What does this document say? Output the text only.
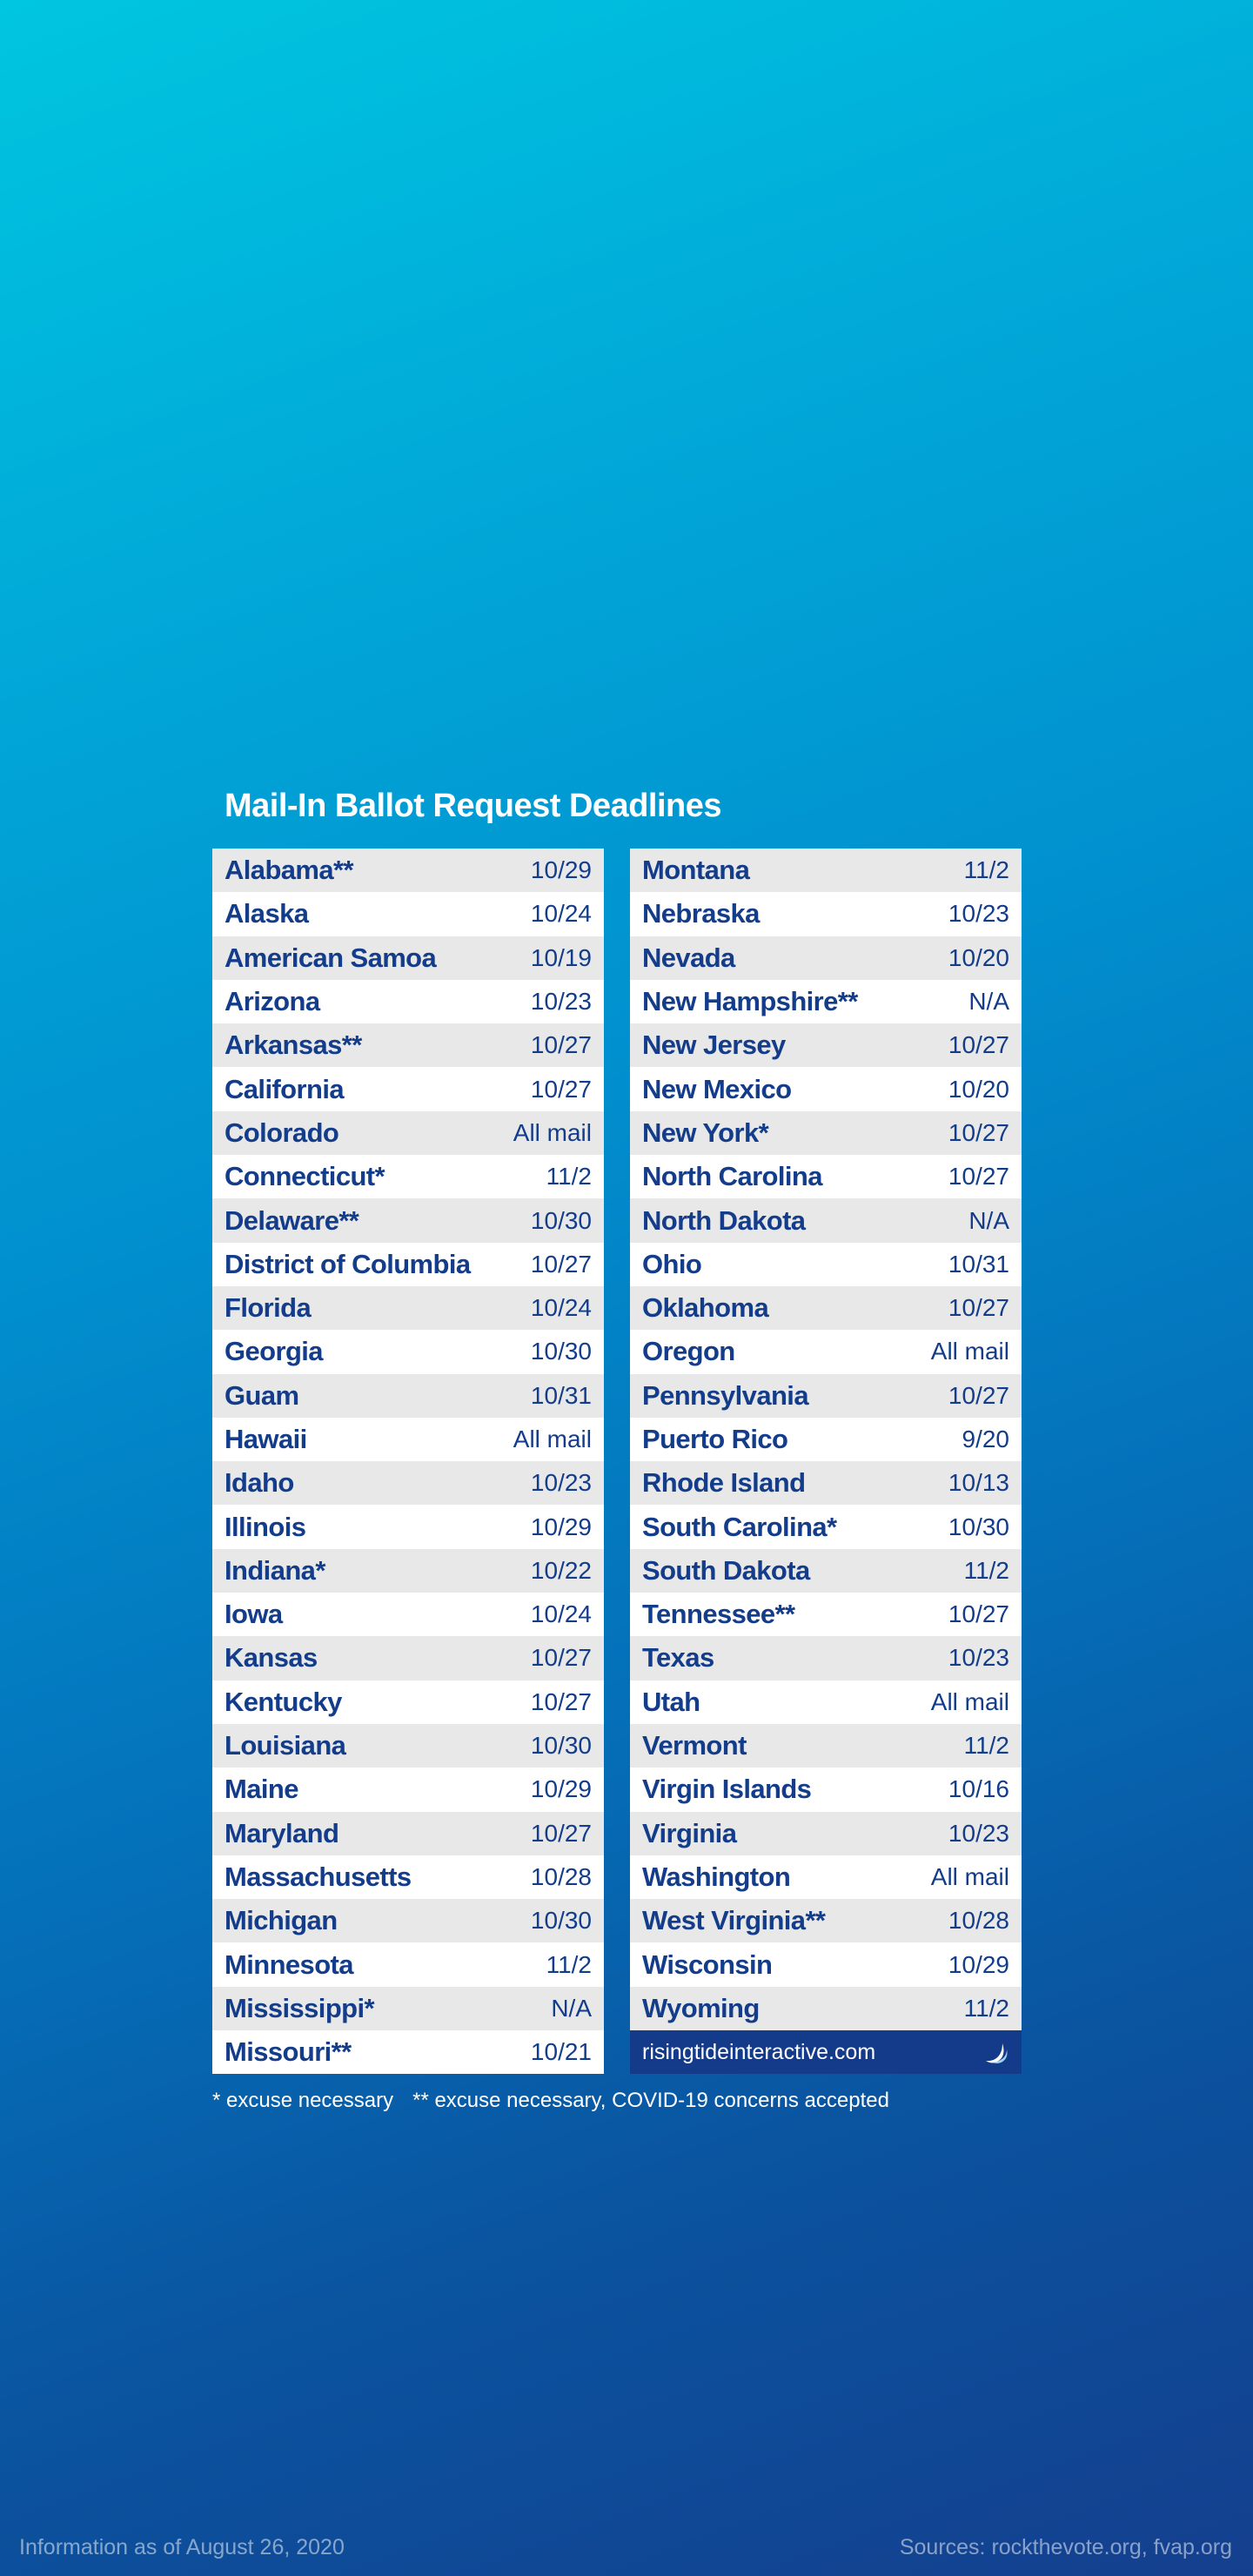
Mail-In Ballot Request Deadlines
Alabama**	10/29
Alaska	10/24
American Samoa	10/19
Arizona	10/23
Arkansas**	10/27
California	10/27
Colorado	All mail
Connecticut*	11/2
Delaware**	10/30
District of Columbia 10/27
Florida	10/24
Georgia	10/30
Guam	10/31
Hawaii	All mail
Idaho	10/23
Illinois	10/29
Indiana*	10/22
Iowa	10/24
Kansas	10/27
Kentucky	10/27
Louisiana	10/30
Maine	10/29
Maryland	10/27
Massachusetts	10/28
Michigan	10/30
Minnesota	11/2
Mississippi*	N/A
Missouri**	10/21
Montana	11/2
Nebraska	10/23
Nevada	10/20
New Hampshire**	N/A
New Jersey	10/27
New Mexico	10/20
New York*	10/27
North Carolina	10/27
North Dakota	N/A
Ohio	10/31
Oklahoma	10/27
Oregon	All mail
Pennsylvania	10/27
Puerto Rico	9/20
Rhode Island	10/13
South Carolina*	10/30
South Dakota	11/2
Tennessee**	10/27
Texas	10/23
Utah	All mail
Vermont	11/2
Virgin Islands	10/16
Virginia	10/23
Washington	All mail
West Virginia**	10/28
Wisconsin	10/29
Wyoming	11/2
risingtideinteractive.com

* excuse necessary ** excuse necessary, COVID-19 concerns accepted

Information as of August 26, 2020	Sources: rockthevote.org, fvap.org
